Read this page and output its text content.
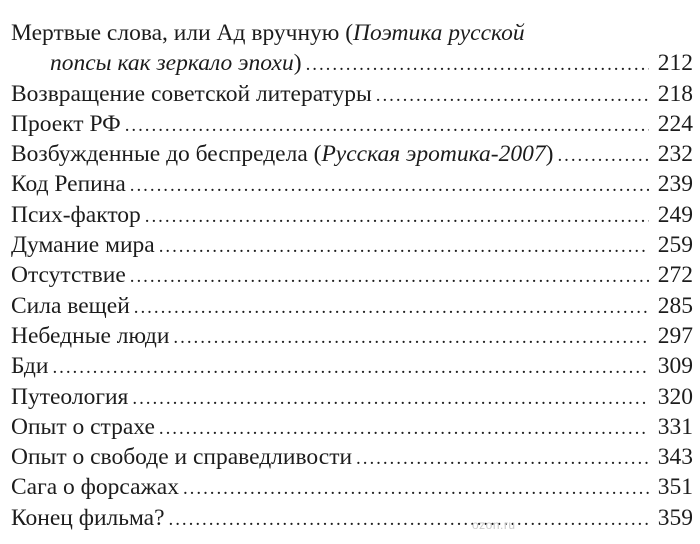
Мертвые слова, или Ад вручную (Поэтика русской
попсы как зеркало эпохи) . . .	212
Возвращение советской литературы . . .	218
Проект РФ . . .	224
Возбужденные до беспредела (Русская эротика-2007) . . .	232
Код Репина . . .	239
Псих-фактор . . .	249
Думание мира . . .	259
Отсутствие . . .	272
Сила вещей . . .	285
Небедные люди . . .	297
Бди . . .	309
Путеология . . .	320
Опыт о страхе . . .	331
Опыт о свободе и справедливости . . .	343
Сага о форсажах . . .	351
Конец фильма? . . .	359
ozon.ru
